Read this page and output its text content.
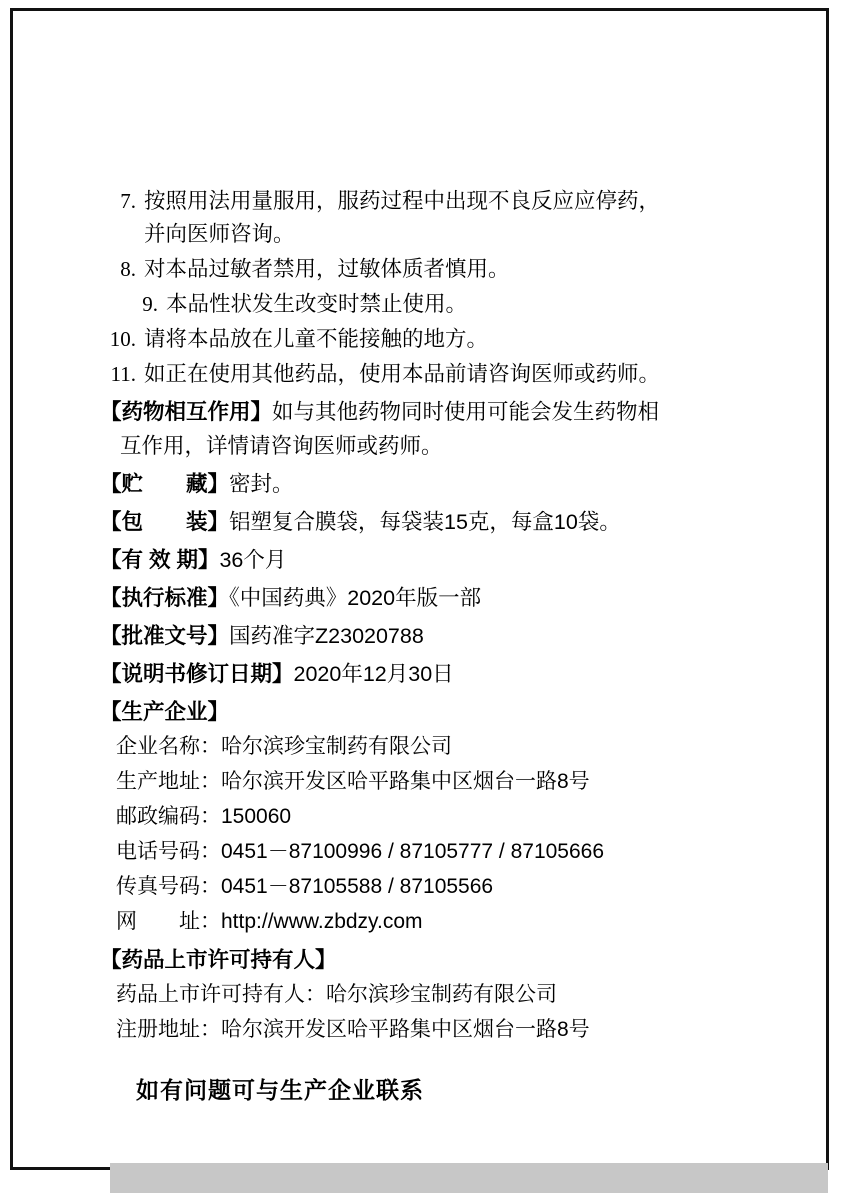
7. 按照用法用量服用，服药过程中出现不良反应应停药，
并向医师咨询。
8. 对本品过敏者禁用，过敏体质者慎用。
9. 本品性状发生改变时禁止使用。
10. 请将本品放在儿童不能接触的地方。
11. 如正在使用其他药品，使用本品前请咨询医师或药师。
【药物相互作用】如与其他药物同时使用可能会发生药物相
互作用，详情请咨询医师或药师。
【贮　　藏】密封。
【包　　装】铝塑复合膜袋，每袋装15克，每盒10袋。
【有 效 期】36个月
【执行标准】《中国药典》2020年版一部
【批准文号】国药准字Z23020788
【说明书修订日期】2020年12月30日
【生产企业】
企业名称：哈尔滨珍宝制药有限公司
生产地址：哈尔滨开发区哈平路集中区烟台一路8号
邮政编码：150060
电话号码：0451－87100996 / 87105777 / 87105666
传真号码：0451－87105588 / 87105566
网　　址：http://www.zbdzy.com
【药品上市许可持有人】
药品上市许可持有人：哈尔滨珍宝制药有限公司
注册地址：哈尔滨开发区哈平路集中区烟台一路8号
如有问题可与生产企业联系
